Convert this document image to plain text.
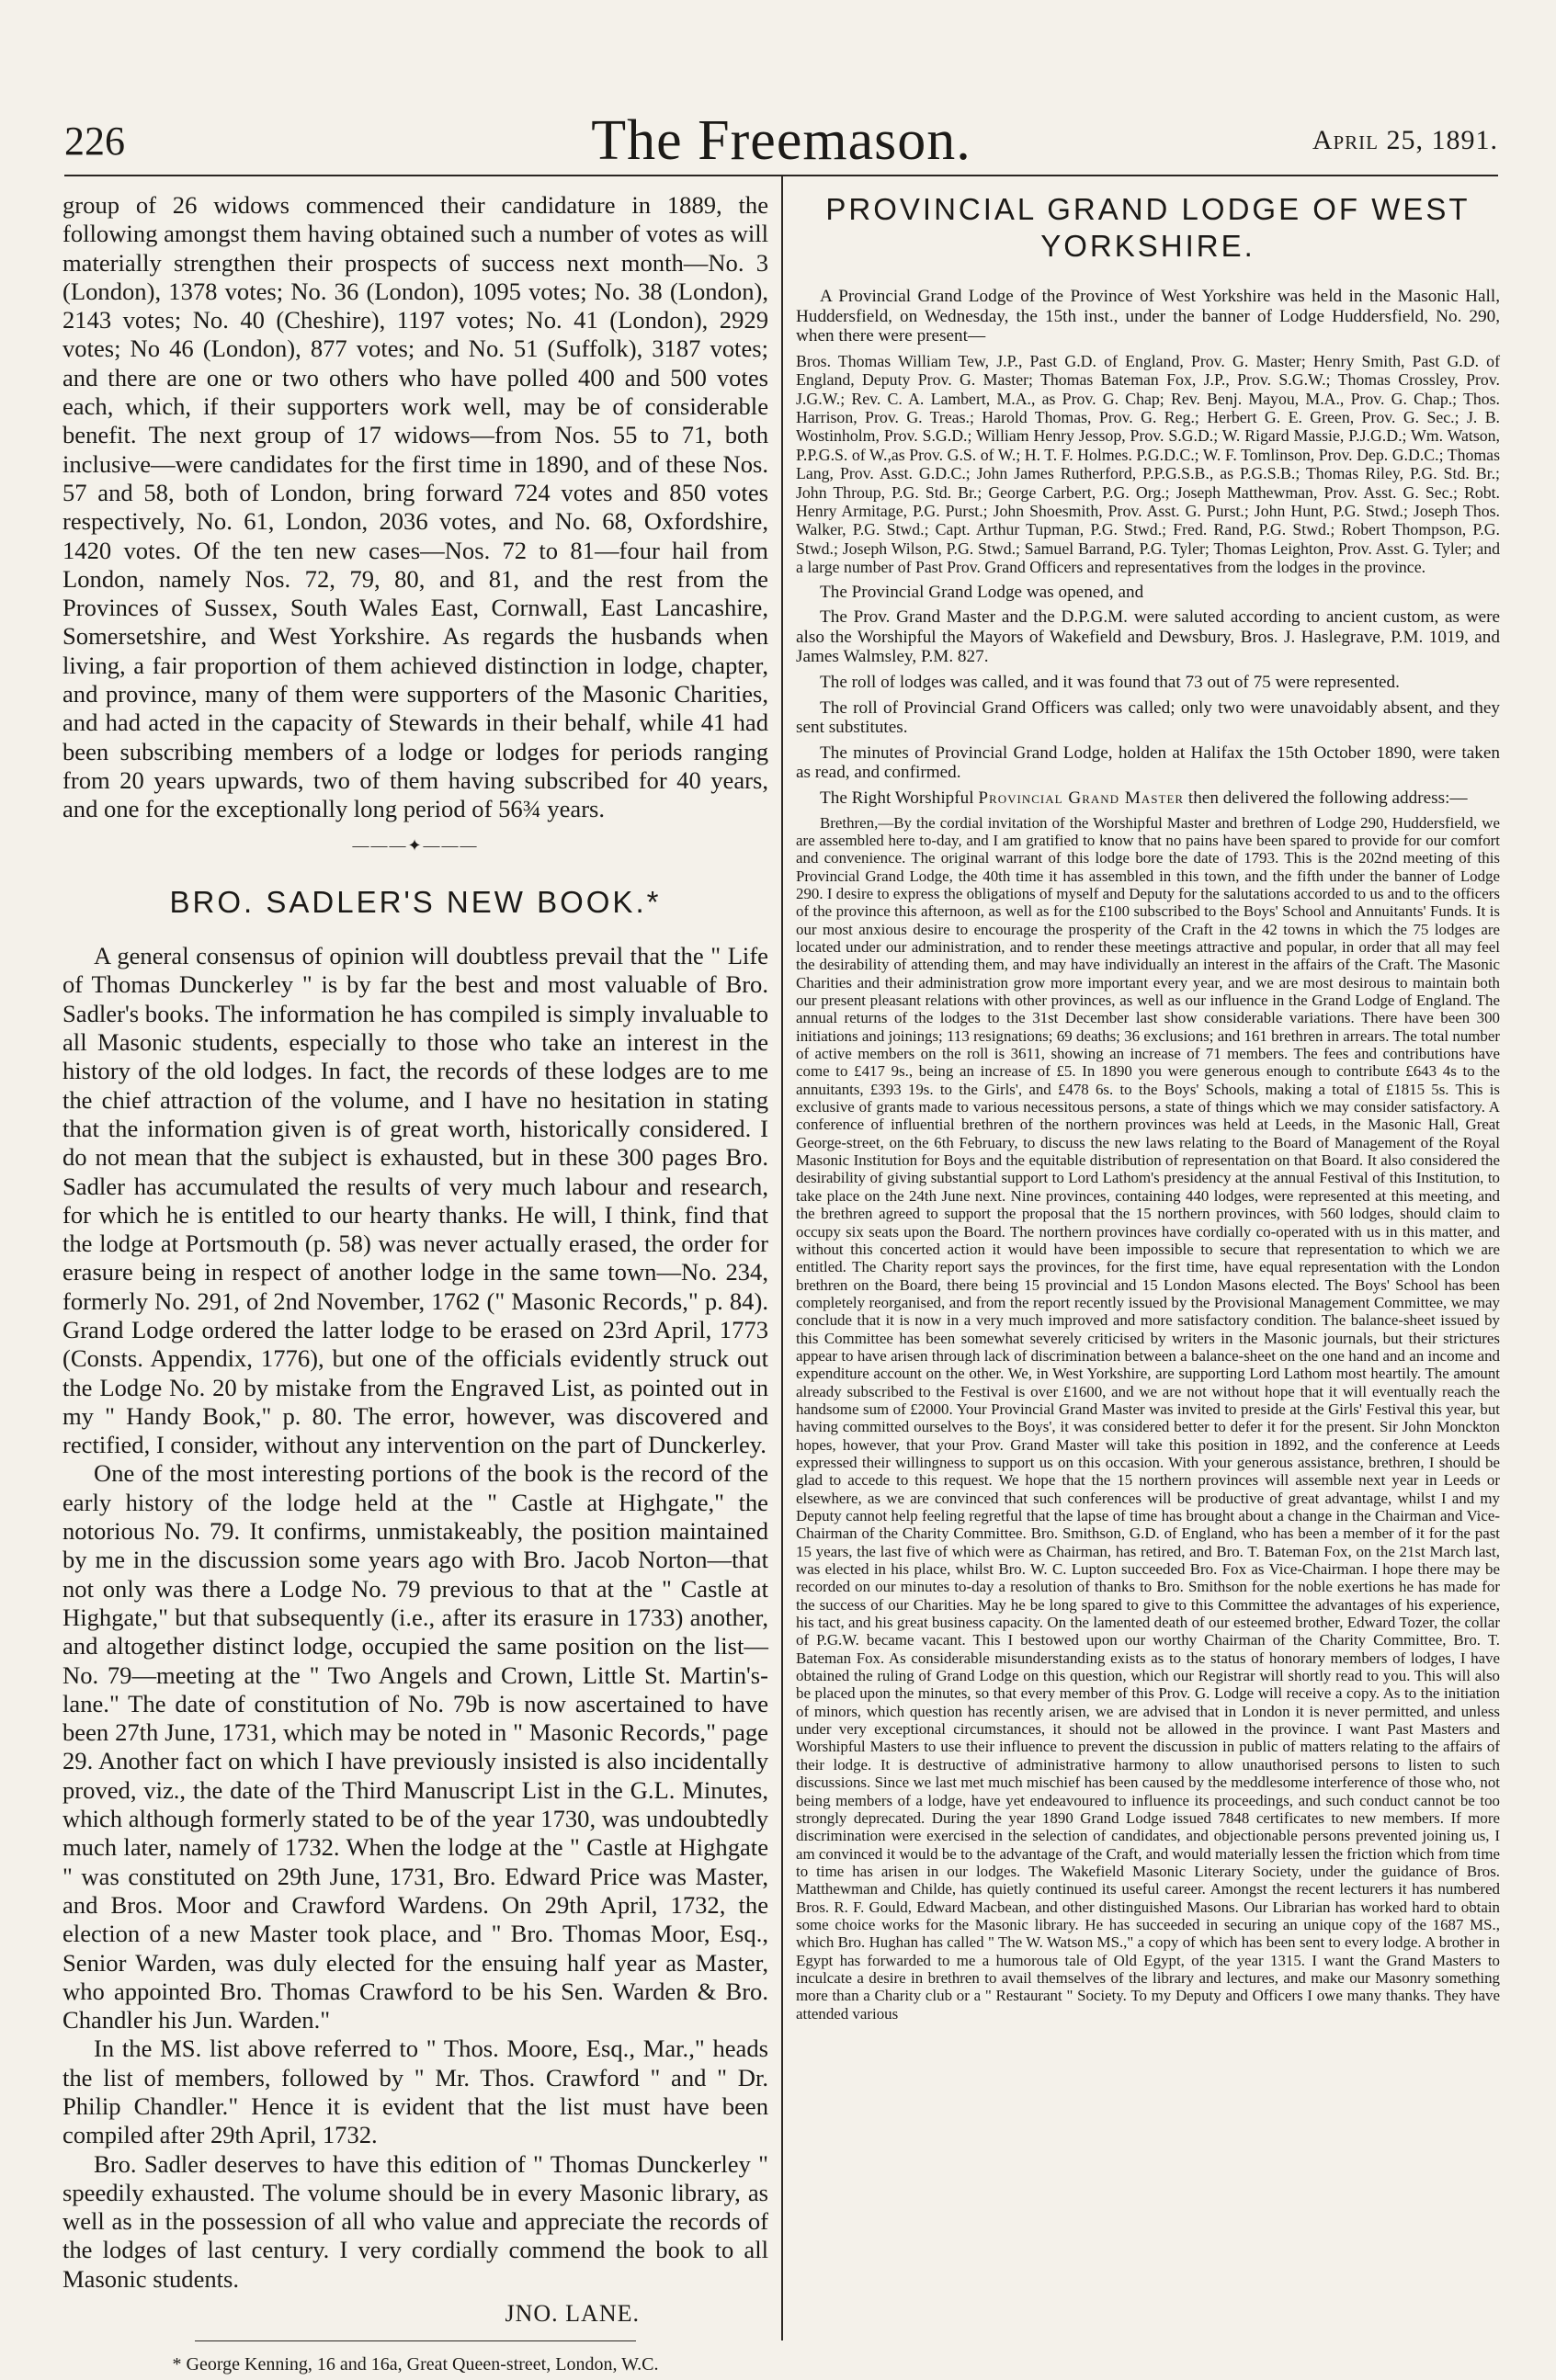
226	The Freemason.	April 25, 1891.

group of 26 widows commenced their candidature in 1889, the following amongst them having obtained such a number of votes as will materially strengthen their prospects of success next month—No. 3 (London), 1378 votes; No. 36 (London), 1095 votes; No. 38 (London), 2143 votes; No. 40 (Cheshire), 1197 votes; No. 41 (London), 2929 votes; No 46 (London), 877 votes; and No. 51 (Suffolk), 3187 votes; and there are one or two others who have polled 400 and 500 votes each, which, if their supporters work well, may be of considerable benefit. The next group of 17 widows—from Nos. 55 to 71, both inclusive—were candidates for the first time in 1890, and of these Nos. 57 and 58, both of London, bring forward 724 votes and 850 votes respectively, No. 61, London, 2036 votes, and No. 68, Oxfordshire, 1420 votes. Of the ten new cases—Nos. 72 to 81—four hail from London, namely Nos. 72, 79, 80, and 81, and the rest from the Provinces of Sussex, South Wales East, Cornwall, East Lancashire, Somersetshire, and West Yorkshire. As regards the husbands when living, a fair proportion of them achieved distinction in lodge, chapter, and province, many of them were supporters of the Masonic Charities, and had acted in the capacity of Stewards in their behalf, while 41 had been subscribing members of a lodge or lodges for periods ranging from 20 years upwards, two of them having subscribed for 40 years, and one for the exceptionally long period of 56¾ years.

———✦———
BRO. SADLER'S NEW BOOK.*

A general consensus of opinion will doubtless prevail that the " Life of Thomas Dunckerley " is by far the best and most valuable of Bro. Sadler's books. The information he has compiled is simply invaluable to all Masonic students, especially to those who take an interest in the history of the old lodges. In fact, the records of these lodges are to me the chief attraction of the volume, and I have no hesitation in stating that the information given is of great worth, historically considered. I do not mean that the subject is exhausted, but in these 300 pages Bro. Sadler has accumulated the results of very much labour and research, for which he is entitled to our hearty thanks. He will, I think, find that the lodge at Portsmouth (p. 58) was never actually erased, the order for erasure being in respect of another lodge in the same town—No. 234, formerly No. 291, of 2nd November, 1762 (" Masonic Records," p. 84). Grand Lodge ordered the latter lodge to be erased on 23rd April, 1773 (Consts. Appendix, 1776), but one of the officials evidently struck out the Lodge No. 20 by mistake from the Engraved List, as pointed out in my " Handy Book," p. 80. The error, however, was discovered and rectified, I consider, without any intervention on the part of Dunckerley.

One of the most interesting portions of the book is the record of the early history of the lodge held at the " Castle at Highgate," the notorious No. 79. It confirms, unmistakeably, the position maintained by me in the discussion some years ago with Bro. Jacob Norton—that not only was there a Lodge No. 79 previous to that at the " Castle at Highgate," but that subsequently (i.e., after its erasure in 1733) another, and altogether distinct lodge, occupied the same position on the list—No. 79—meeting at the " Two Angels and Crown, Little St. Martin's-lane." The date of constitution of No. 79b is now ascertained to have been 27th June, 1731, which may be noted in " Masonic Records," page 29. Another fact on which I have previously insisted is also incidentally proved, viz., the date of the Third Manuscript List in the G.L. Minutes, which although formerly stated to be of the year 1730, was undoubtedly much later, namely of 1732. When the lodge at the " Castle at Highgate " was constituted on 29th June, 1731, Bro. Edward Price was Master, and Bros. Moor and Crawford Wardens. On 29th April, 1732, the election of a new Master took place, and " Bro. Thomas Moor, Esq., Senior Warden, was duly elected for the ensuing half year as Master, who appointed Bro. Thomas Crawford to be his Sen. Warden & Bro. Chandler his Jun. Warden."

In the MS. list above referred to " Thos. Moore, Esq., Mar.," heads the list of members, followed by " Mr. Thos. Crawford " and " Dr. Philip Chandler." Hence it is evident that the list must have been compiled after 29th April, 1732.

Bro. Sadler deserves to have this edition of " Thomas Dunckerley " speedily exhausted. The volume should be in every Masonic library, as well as in the possession of all who value and appreciate the records of the lodges of last century. I very cordially commend the book to all Masonic students.

JNO. LANE.
* George Kenning, 16 and 16a, Great Queen-street, London, W.C.
PROVINCIAL GRAND LODGE OF WEST YORKSHIRE.

A Provincial Grand Lodge of the Province of West Yorkshire was held in the Masonic Hall, Huddersfield, on Wednesday, the 15th inst., under the banner of Lodge Huddersfield, No. 290, when there were present—

Bros. Thomas William Tew, J.P., Past G.D. of England, Prov. G. Master; Henry Smith, Past G.D. of England, Deputy Prov. G. Master; Thomas Bateman Fox, J.P., Prov. S.G.W.; Thomas Crossley, Prov. J.G.W.; Rev. C. A. Lambert, M.A., as Prov. G. Chap; Rev. Benj. Mayou, M.A., Prov. G. Chap.; Thos. Harrison, Prov. G. Treas.; Harold Thomas, Prov. G. Reg.; Herbert G. E. Green, Prov. G. Sec.; J. B. Wostinholm, Prov. S.G.D.; William Henry Jessop, Prov. S.G.D.; W. Rigard Massie, P.J.G.D.; Wm. Watson, P.P.G.S. of W.,as Prov. G.S. of W.; H. T. F. Holmes. P.G.D.C.; W. F. Tomlinson, Prov. Dep. G.D.C.; Thomas Lang, Prov. Asst. G.D.C.; John James Rutherford, P.P.G.S.B., as P.G.S.B.; Thomas Riley, P.G. Std. Br.; John Throup, P.G. Std. Br.; George Carbert, P.G. Org.; Joseph Matthewman, Prov. Asst. G. Sec.; Robt. Henry Armitage, P.G. Purst.; John Shoesmith, Prov. Asst. G. Purst.; John Hunt, P.G. Stwd.; Joseph Thos. Walker, P.G. Stwd.; Capt. Arthur Tupman, P.G. Stwd.; Fred. Rand, P.G. Stwd.; Robert Thompson, P.G. Stwd.; Joseph Wilson, P.G. Stwd.; Samuel Barrand, P.G. Tyler; Thomas Leighton, Prov. Asst. G. Tyler; and a large number of Past Prov. Grand Officers and representatives from the lodges in the province.

The Provincial Grand Lodge was opened, and

The Prov. Grand Master and the D.P.G.M. were saluted according to ancient custom, as were also the Worshipful the Mayors of Wakefield and Dewsbury, Bros. J. Haslegrave, P.M. 1019, and James Walmsley, P.M. 827.

The roll of lodges was called, and it was found that 73 out of 75 were represented.

The roll of Provincial Grand Officers was called; only two were unavoidably absent, and they sent substitutes.

The minutes of Provincial Grand Lodge, holden at Halifax the 15th October 1890, were taken as read, and confirmed.

The Right Worshipful Provincial Grand Master then delivered the following address:—

Brethren,—By the cordial invitation of the Worshipful Master and brethren of Lodge 290, Huddersfield, we are assembled here to-day, and I am gratified to know that no pains have been spared to provide for our comfort and convenience. The original warrant of this lodge bore the date of 1793. This is the 202nd meeting of this Provincial Grand Lodge, the 40th time it has assembled in this town, and the fifth under the banner of Lodge 290. I desire to express the obligations of myself and Deputy for the salutations accorded to us and to the officers of the province this afternoon, as well as for the £100 subscribed to the Boys' School and Annuitants' Funds. It is our most anxious desire to encourage the prosperity of the Craft in the 42 towns in which the 75 lodges are located under our administration, and to render these meetings attractive and popular, in order that all may feel the desirability of attending them, and may have individually an interest in the affairs of the Craft. The Masonic Charities and their administration grow more important every year, and we are most desirous to maintain both our present pleasant relations with other provinces, as well as our influence in the Grand Lodge of England. The annual returns of the lodges to the 31st December last show considerable variations. There have been 300 initiations and joinings; 113 resignations; 69 deaths; 36 exclusions; and 161 brethren in arrears. The total number of active members on the roll is 3611, showing an increase of 71 members. The fees and contributions have come to £417 9s., being an increase of £5. In 1890 you were generous enough to contribute £643 4s to the annuitants, £393 19s. to the Girls', and £478 6s. to the Boys' Schools, making a total of £1815 5s. This is exclusive of grants made to various necessitous persons, a state of things which we may consider satisfactory. A conference of influential brethren of the northern provinces was held at Leeds, in the Masonic Hall, Great George-street, on the 6th February, to discuss the new laws relating to the Board of Management of the Royal Masonic Institution for Boys and the equitable distribution of representation on that Board. It also considered the desirability of giving substantial support to Lord Lathom's presidency at the annual Festival of this Institution, to take place on the 24th June next. Nine provinces, containing 440 lodges, were represented at this meeting, and the brethren agreed to support the proposal that the 15 northern provinces, with 560 lodges, should claim to occupy six seats upon the Board. The northern provinces have cordially co-operated with us in this matter, and without this concerted action it would have been impossible to secure that representation to which we are entitled. The Charity report says the provinces, for the first time, have equal representation with the London brethren on the Board, there being 15 provincial and 15 London Masons elected. The Boys' School has been completely reorganised, and from the report recently issued by the Provisional Management Committee, we may conclude that it is now in a very much improved and more satisfactory condition. The balance-sheet issued by this Committee has been somewhat severely criticised by writers in the Masonic journals, but their strictures appear to have arisen through lack of discrimination between a balance-sheet on the one hand and an income and expenditure account on the other. We, in West Yorkshire, are supporting Lord Lathom most heartily. The amount already subscribed to the Festival is over £1600, and we are not without hope that it will eventually reach the handsome sum of £2000. Your Provincial Grand Master was invited to preside at the Girls' Festival this year, but having committed ourselves to the Boys', it was considered better to defer it for the present. Sir John Monckton hopes, however, that your Prov. Grand Master will take this position in 1892, and the conference at Leeds expressed their willingness to support us on this occasion. With your generous assistance, brethren, I should be glad to accede to this request. We hope that the 15 northern provinces will assemble next year in Leeds or elsewhere, as we are convinced that such conferences will be productive of great advantage, whilst I and my Deputy cannot help feeling regretful that the lapse of time has brought about a change in the Chairman and Vice-Chairman of the Charity Committee. Bro. Smithson, G.D. of England, who has been a member of it for the past 15 years, the last five of which were as Chairman, has retired, and Bro. T. Bateman Fox, on the 21st March last, was elected in his place, whilst Bro. W. C. Lupton succeeded Bro. Fox as Vice-Chairman. I hope there may be recorded on our minutes to-day a resolution of thanks to Bro. Smithson for the noble exertions he has made for the success of our Charities. May he be long spared to give to this Committee the advantages of his experience, his tact, and his great business capacity. On the lamented death of our esteemed brother, Edward Tozer, the collar of P.G.W. became vacant. This I bestowed upon our worthy Chairman of the Charity Committee, Bro. T. Bateman Fox. As considerable misunderstanding exists as to the status of honorary members of lodges, I have obtained the ruling of Grand Lodge on this question, which our Registrar will shortly read to you. This will also be placed upon the minutes, so that every member of this Prov. G. Lodge will receive a copy. As to the initiation of minors, which question has recently arisen, we are advised that in London it is never permitted, and unless under very exceptional circumstances, it should not be allowed in the province. I want Past Masters and Worshipful Masters to use their influence to prevent the discussion in public of matters relating to the affairs of their lodge. It is destructive of administrative harmony to allow unauthorised persons to listen to such discussions. Since we last met much mischief has been caused by the meddlesome interference of those who, not being members of a lodge, have yet endeavoured to influence its proceedings, and such conduct cannot be too strongly deprecated. During the year 1890 Grand Lodge issued 7848 certificates to new members. If more discrimination were exercised in the selection of candidates, and objectionable persons prevented joining us, I am convinced it would be to the advantage of the Craft, and would materially lessen the friction which from time to time has arisen in our lodges. The Wakefield Masonic Literary Society, under the guidance of Bros. Matthewman and Childe, has quietly continued its useful career. Amongst the recent lecturers it has numbered Bros. R. F. Gould, Edward Macbean, and other distinguished Masons. Our Librarian has worked hard to obtain some choice works for the Masonic library. He has succeeded in securing an unique copy of the 1687 MS., which Bro. Hughan has called " The W. Watson MS.," a copy of which has been sent to every lodge. A brother in Egypt has forwarded to me a humorous tale of Old Egypt, of the year 1315. I want the Grand Masters to inculcate a desire in brethren to avail themselves of the library and lectures, and make our Masonry something more than a Charity club or a " Restaurant " Society. To my Deputy and Officers I owe many thanks. They have attended various
